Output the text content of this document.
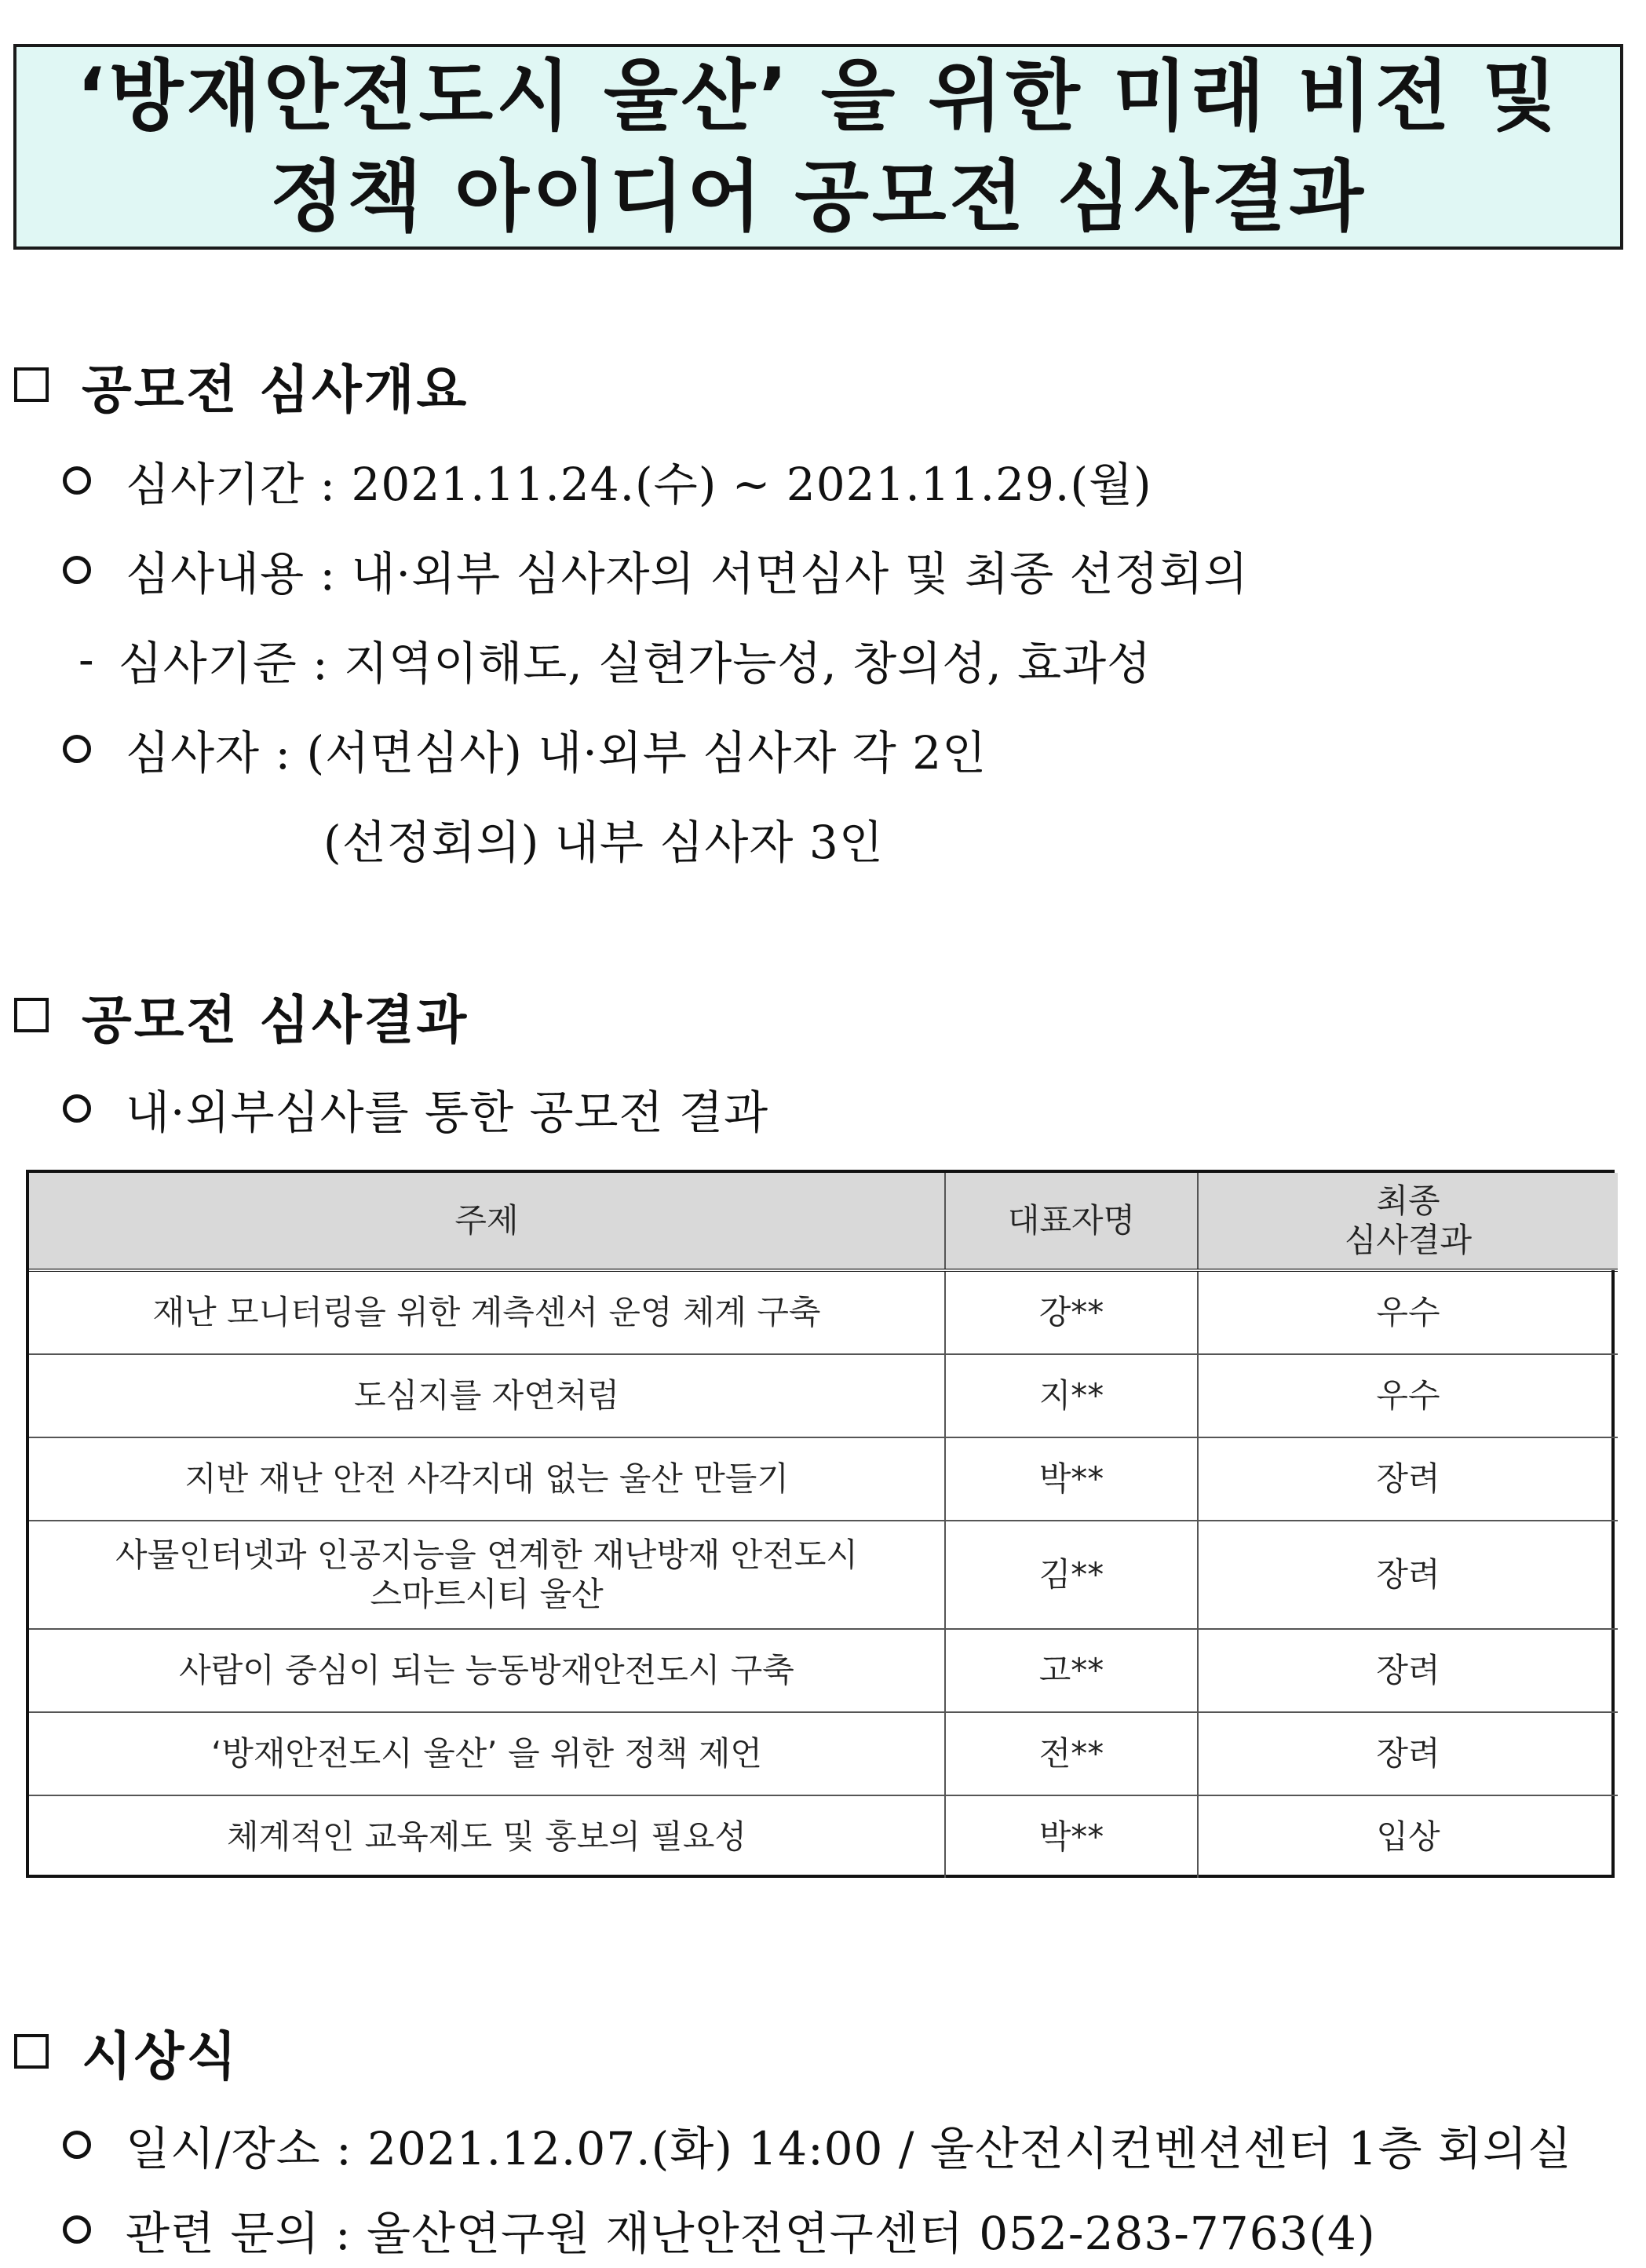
‘방재안전도시 울산’ 을 위한 미래 비전 및
정책 아이디어 공모전 심사결과
공모전 심사개요
심사기간 : 2021.11.24.(수) ~ 2021.11.29.(월)
심사내용 : 내·외부 심사자의 서면심사 및 최종 선정회의
- 심사기준 : 지역이해도, 실현가능성, 창의성, 효과성
심사자 : (서면심사) 내·외부 심사자 각 2인
(선정회의) 내부 심사자 3인
공모전 심사결과
내·외부심사를 통한 공모전 결과
주제	대표자명	최종
심사결과

재난 모니터링을 위한 계측센서 운영 체계 구축	강**	우수
도심지를 자연처럼	지**	우수
지반 재난 안전 사각지대 없는 울산 만들기	박**	장려

사물인터넷과 인공지능을 연계한 재난방재 안전도시
스마트시티 울산	김**	장려
사람이 중심이 되는 능동방재안전도시 구축	고**	장려
‘방재안전도시 울산’ 을 위한 정책 제언	전**	장려
체계적인 교육제도 및 홍보의 필요성	박**	입상
시상식
일시/장소 : 2021.12.07.(화) 14:00 / 울산전시컨벤션센터 1층 회의실
관련 문의 : 울산연구원 재난안전연구센터 052-283-7763(4)
